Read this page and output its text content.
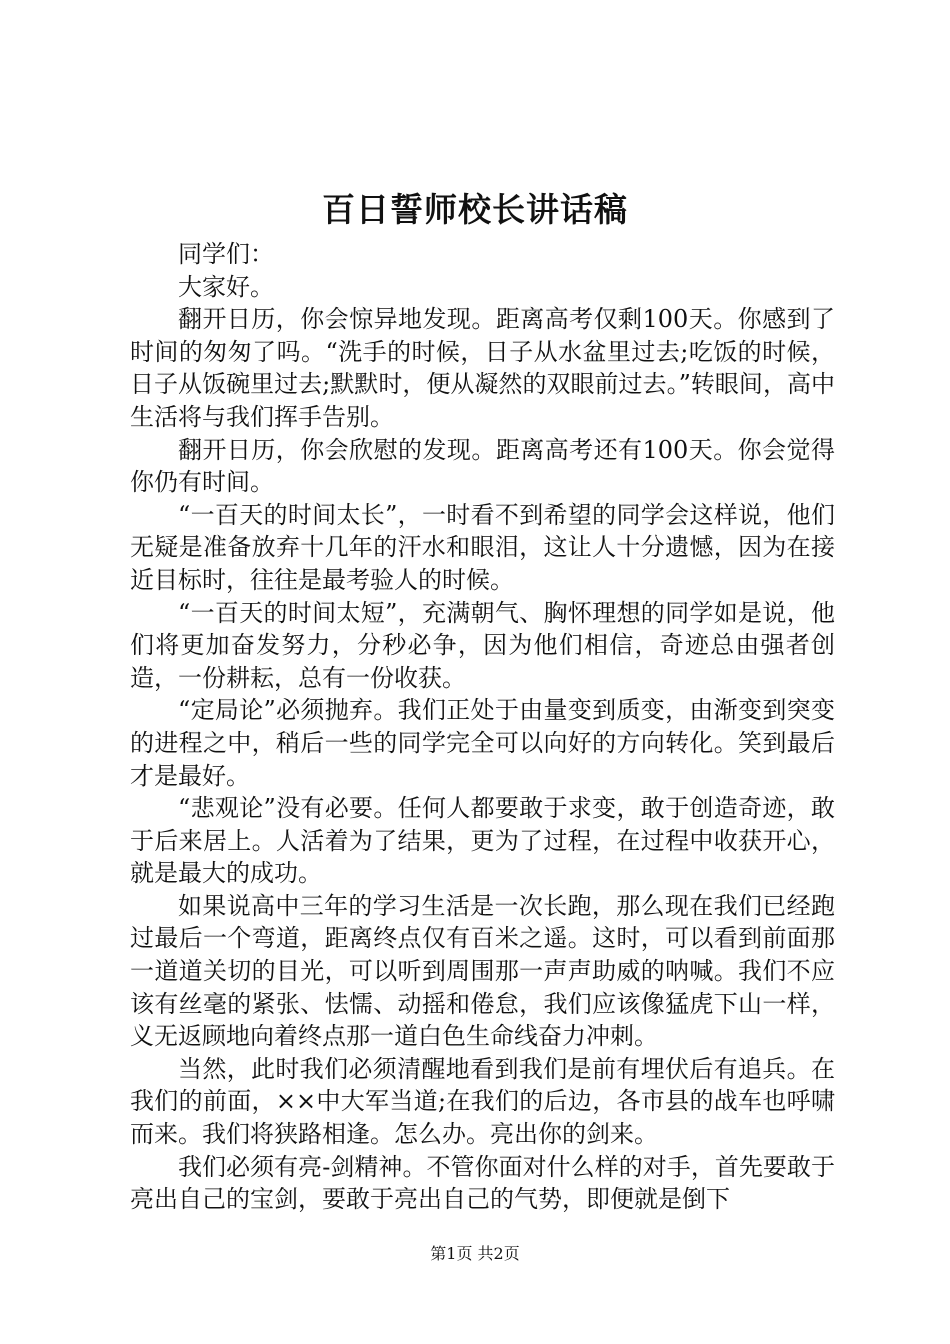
百日誓师校长讲话稿

同学们：

大家好。

翻开日历，你会惊异地发现。距离高考仅剩100天。你感到了时间的匆匆了吗。“洗手的时候，日子从水盆里过去;吃饭的时候，日子从饭碗里过去;默默时，便从凝然的双眼前过去。”转眼间，高中生活将与我们挥手告别。

翻开日历，你会欣慰的发现。距离高考还有100天。你会觉得你仍有时间。

“一百天的时间太长”，一时看不到希望的同学会这样说，他们无疑是准备放弃十几年的汗水和眼泪，这让人十分遗憾，因为在接近目标时，往往是最考验人的时候。

“一百天的时间太短”，充满朝气、胸怀理想的同学如是说，他们将更加奋发努力，分秒必争，因为他们相信，奇迹总由强者创造，一份耕耘，总有一份收获。

“定局论”必须抛弃。我们正处于由量变到质变，由渐变到突变的进程之中，稍后一些的同学完全可以向好的方向转化。笑到最后才是最好。

“悲观论”没有必要。任何人都要敢于求变，敢于创造奇迹，敢于后来居上。人活着为了结果，更为了过程，在过程中收获开心，就是最大的成功。

如果说高中三年的学习生活是一次长跑，那么现在我们已经跑过最后一个弯道，距离终点仅有百米之遥。这时，可以看到前面那一道道关切的目光，可以听到周围那一声声助威的呐喊。我们不应该有丝毫的紧张、怯懦、动摇和倦怠，我们应该像猛虎下山一样，义无返顾地向着终点那一道白色生命线奋力冲刺。

当然，此时我们必须清醒地看到我们是前有埋伏后有追兵。在我们的前面，××中大军当道;在我们的后边，各市县的战车也呼啸而来。我们将狭路相逢。怎么办。亮出你的剑来。

我们必须有亮-剑精神。不管你面对什么样的对手，首先要敢于亮出自己的宝剑，要敢于亮出自己的气势，即便就是倒下

第1页 共2页
